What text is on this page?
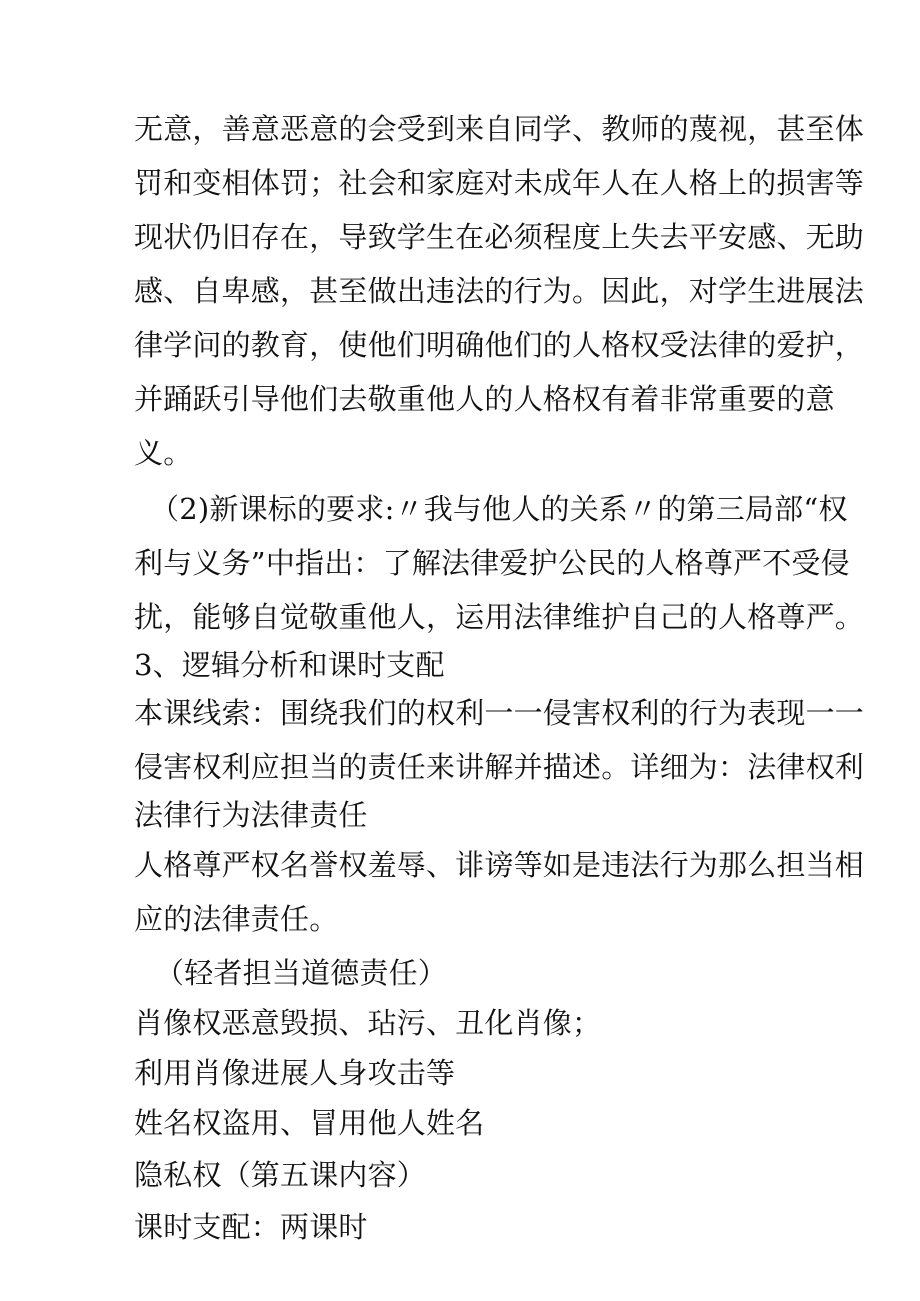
无意，善意恶意的会受到来自同学、教师的蔑视，甚至体
罚和变相体罚；社会和家庭对未成年人在人格上的损害等
现状仍旧存在，导致学生在必须程度上失去平安感、无助
感、自卑感，甚至做出违法的行为。因此，对学生进展法
律学问的教育，使他们明确他们的人格权受法律的爱护，
并踊跃引导他们去敬重他人的人格权有着非常重要的意
义。
（2)新课标的要求:〃我与他人的关系〃的第三局部“权
利与义务”中指出：了解法律爱护公民的人格尊严不受侵
扰，能够自觉敬重他人，运用法律维护自己的人格尊严。
3、逻辑分析和课时支配
本课线索：围绕我们的权利一一侵害权利的行为表现一一
侵害权利应担当的责任来讲解并描述。详细为：法律权利
法律行为法律责任
人格尊严权名誉权羞辱、诽谤等如是违法行为那么担当相
应的法律责任。
（轻者担当道德责任）
肖像权恶意毁损、玷污、丑化肖像；
利用肖像进展人身攻击等
姓名权盗用、冒用他人姓名
隐私权（第五课内容）
课时支配：两课时
